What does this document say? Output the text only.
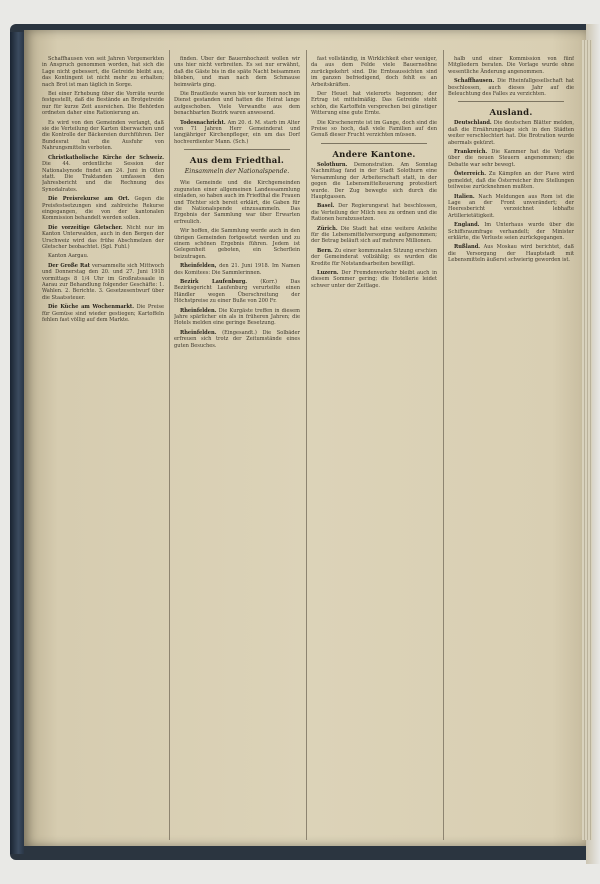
Schaffhausen von seit Jahren Vorgemerkten in Anspruch genommen worden, hat sich die Lage nicht gebessert, die Getreide bleibt aus, das Kontingent ist nicht mehr zu erhalten; nach Brot ist man täglich in Sorge.

Bei einer Erhebung über die Vorräte wurde festgestellt, daß die Bestände an Brotgetreide nur für kurze Zeit ausreichen. Die Behörden ordneten daher eine Rationierung an.

Es wird von den Gemeinden verlangt, daß sie die Verteilung der Karten überwachen und die Kontrolle der Bäckereien durchführen. Der Bundesrat hat die Ausfuhr von Nahrungsmitteln verboten.

Christkatholische Kirche der Schweiz. Die 44. ordentliche Session der Nationalsynode findet am 24. Juni in Olten statt. Die Traktanden umfassen den Jahresbericht und die Rechnung des Synodalrates.

Die Preisrekurse am Ort. Gegen die Preisfestsetzungen sind zahlreiche Rekurse eingegangen, die von der kantonalen Kommission behandelt werden sollen.

Die vorzeitige Gletscher. Nicht nur im Kanton Unterwalden, auch in den Bergen der Urschweiz wird das frühe Abschmelzen der Gletscher beobachtet. (Spl. Fuhl.)

Kanton Aargau.

Der Große Rat versammelte sich Mittwoch und Donnerstag den 20. und 27. Juni 1918 vormittags 8 1/4 Uhr im Großratssaale in Aarau zur Behandlung folgender Geschäfte: 1. Wahlen. 2. Berichte. 3. Gesetzesentwurf über die Staatssteuer.

Die Küche am Wochenmarkt. Die Preise für Gemüse sind wieder gestiegen; Kartoffeln fehlen fast völlig auf dem Markte.

finden. Über der Bauernhochzeit wollen wir uns hier nicht verbreiten. Es sei nur erwähnt, daß die Gäste bis in die späte Nacht beisammen blieben, und man nach dem Schmause heimwärts ging.

Die Brautleute waren bis vor kurzem noch im Dienst gestanden und hatten die Heirat lange aufgeschoben. Viele Verwandte aus dem benachbarten Bezirk waren anwesend.

Todesnachricht. Am 20. d. M. starb im Alter von 71 Jahren Herr Gemeinderat und langjähriger Kirchenpfleger, ein um das Dorf hochverdienter Mann. (Sch.)

Aus dem Friedthal.
Einsammeln der Nationalspende.

Wie Gemeinde und die Kirchgemeinden zugunsten einer allgemeinen Landessammlung einladen, so haben auch im Friedthal die Frauen und Töchter sich bereit erklärt, die Gaben für die Nationalspende einzusammeln. Das Ergebnis der Sammlung war über Erwarten erfreulich.

Wir hoffen, die Sammlung werde auch in den übrigen Gemeinden fortgesetzt werden und zu einem schönen Ergebnis führen. Jedem ist Gelegenheit geboten, ein Scherflein beizutragen.

Rheinfelden, den 21. Juni 1918. Im Namen des Komitees: Die Sammlerinnen.

Bezirk Laufenburg.	(Korr.) Das Bezirksgericht Laufenburg verurteilte einen Händler wegen Überschreitung der Höchstpreise zu einer Buße von 200 Fr.

Rheinfelden. Die Kurgäste treffen in diesem Jahre spärlicher ein als in früheren Jahren; die Hotels melden eine geringe Besetzung.

Rheinfelden. (Eingesandt.) Die Solbäder erfreuen sich trotz der Zeitumstände eines guten Besuches.

fast vollständig, in Wirklichkeit eher weniger, da aus dem Felde viele Bauernsöhne zurückgekehrt sind. Die Ernteaussichten sind im ganzen befriedigend, doch fehlt es an Arbeitskräften.

Der Heuet hat vielerorts begonnen; der Ertrag ist mittelmäßig. Das Getreide steht schön, die Kartoffeln versprechen bei günstiger Witterung eine gute Ernte.

Die Kirschenernte ist im Gange, doch sind die Preise so hoch, daß viele Familien auf den Genuß dieser Frucht verzichten müssen.

Andere Kantone.

Solothurn. Demonstration. Am Sonntag Nachmittag fand in der Stadt Solothurn eine Versammlung der Arbeiterschaft statt, in der gegen die Lebensmittelteuerung protestiert wurde. Der Zug bewegte sich durch die Hauptgassen.

Basel. Der Regierungsrat hat beschlossen, die Verteilung der Milch neu zu ordnen und die Rationen herabzusetzen.

Zürich. Die Stadt hat eine weitere Anleihe für die Lebensmittelversorgung aufgenommen; der Betrag beläuft sich auf mehrere Millionen.

Bern. Zu einer kommunalen Sitzung erschien der Gemeinderat vollzählig; es wurden die Kredite für Notstandsarbeiten bewilligt.

Luzern. Der Fremdenverkehr bleibt auch in diesem Sommer gering; die Hotellerie leidet schwer unter der Zeitlage.

halb und einer Kommission von fünf Mitgliedern beraten. Die Vorlage wurde ohne wesentliche Änderung angenommen.

Schaffhausen. Die Rheinfallgesellschaft hat beschlossen, auch dieses Jahr auf die Beleuchtung des Falles zu verzichten.

Ausland.

Deutschland. Die deutschen Blätter melden, daß die Ernährungslage sich in den Städten weiter verschlechtert hat. Die Brotration wurde abermals gekürzt.

Frankreich. Die Kammer hat die Vorlage über die neuen Steuern angenommen; die Debatte war sehr bewegt.

Österreich. Zu Kämpfen an der Piave wird gemeldet, daß die Österreicher ihre Stellungen teilweise zurücknehmen mußten.

Italien. Nach Meldungen aus Rom ist die Lage an der Front unverändert; der Heeresbericht verzeichnet lebhafte Artillerietätigkeit.

England. Im Unterhaus wurde über die Schiffsraumfrage verhandelt; der Minister erklärte, die Verluste seien zurückgegangen.

Rußland. Aus Moskau wird berichtet, daß die Versorgung der Hauptstadt mit Lebensmitteln äußerst schwierig geworden ist.
